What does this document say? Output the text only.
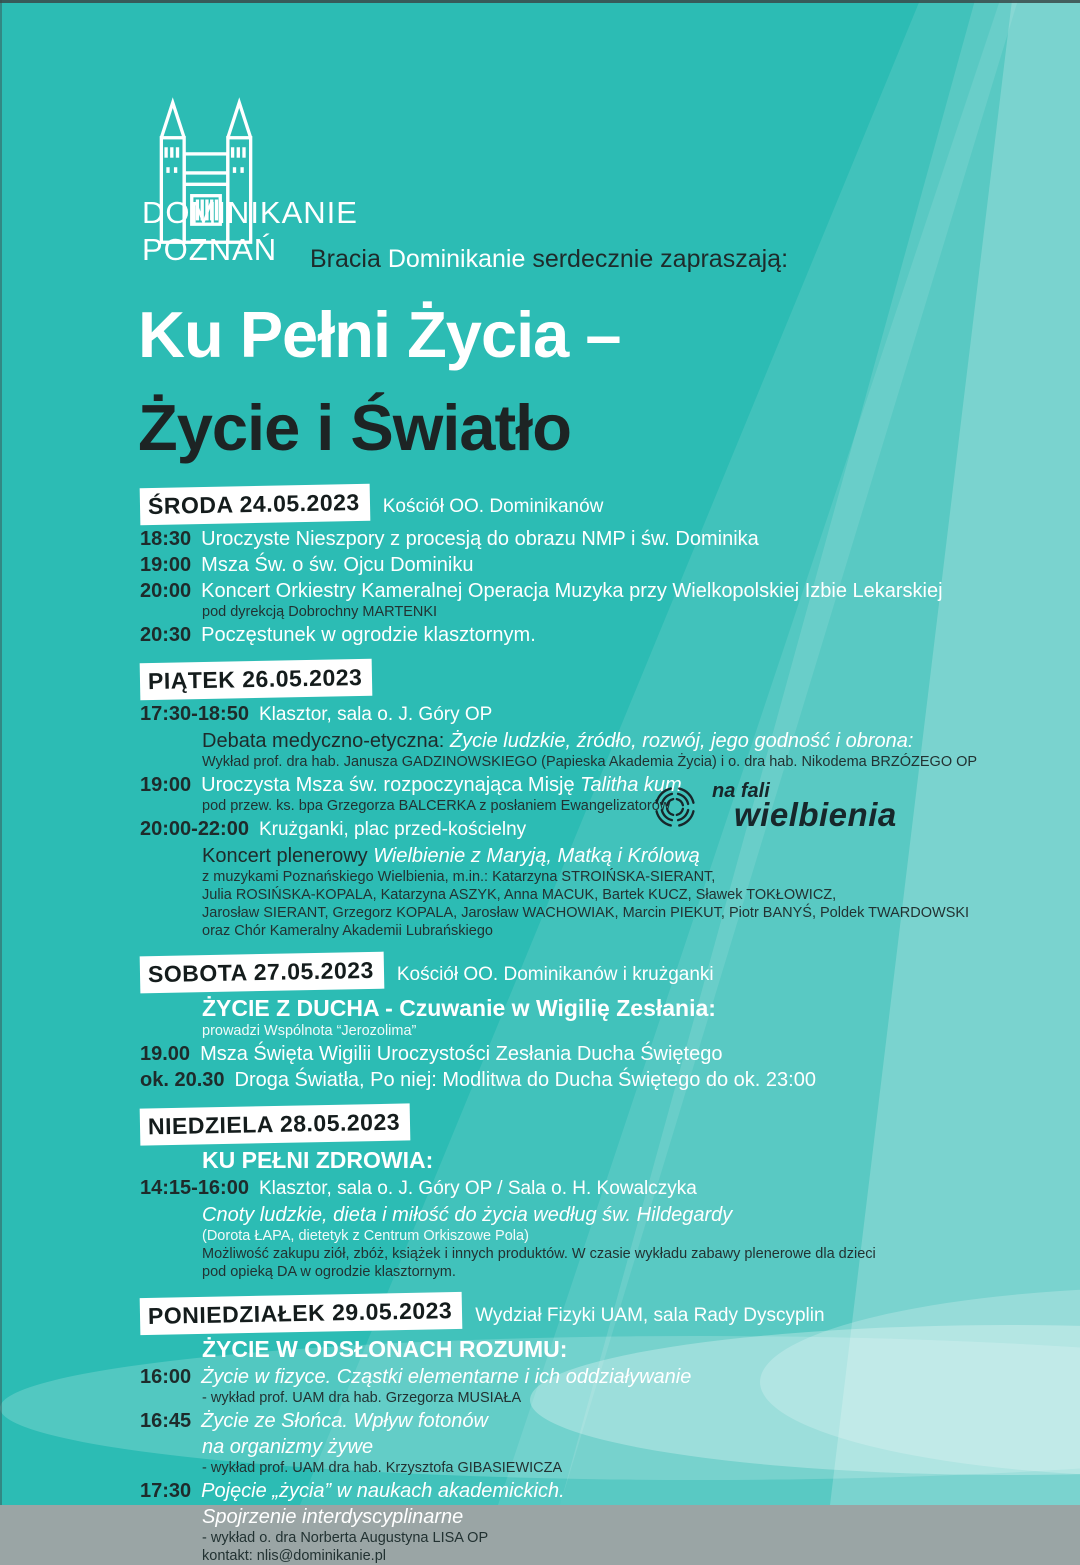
DOMINIKANIE
POZNAŃ	Bracia Dominikanie serdecznie zapraszają:
Ku Pełni Życia –
Życie i Światło
ŚRODA 24.05.2023 Kościół OO. Dominikanów
18:30 Uroczyste Nieszpory z procesją do obrazu NMP i św. Dominika
19:00 Msza Św. o św. Ojcu Dominiku
20:00 Koncert Orkiestry Kameralnej Operacja Muzyka przy Wielkopolskiej Izbie Lekarskiej
pod dyrekcją Dobrochny MARTENKI
20:30 Poczęstunek w ogrodzie klasztornym.
PIĄTEK 26.05.2023
17:30-18:50 Klasztor, sala o. J. Góry OP
Debata medyczno-etyczna: Życie ludzkie, źródło, rozwój, jego godność i obrona:
Wykład prof. dra hab. Janusza GADZINOWSKIEGO (Papieska Akademia Życia) i o. dra hab. Nikodema BRZÓZEGO OP
19:00 Uroczysta Msza św. rozpoczynająca Misję Talitha kum
pod przew. ks. bpa Grzegorza BALCERKA z posłaniem Ewangelizatorów
20:00-22:00 Krużganki, plac przed-kościelny
Koncert plenerowy Wielbienie z Maryją, Matką i Królową
z muzykami Poznańskiego Wielbienia, m.in.: Katarzyna STROIŃSKA-SIERANT,
Julia ROSIŃSKA-KOPALA, Katarzyna ASZYK, Anna MACUK, Bartek KUCZ, Sławek TOKŁOWICZ,
Jarosław SIERANT, Grzegorz KOPALA, Jarosław WACHOWIAK, Marcin PIEKUT, Piotr BANYŚ, Poldek TWARDOWSKI
oraz Chór Kameralny Akademii Lubrańskiego
SOBOTA 27.05.2023 Kościół OO. Dominikanów i krużganki
ŻYCIE Z DUCHA - Czuwanie w Wigilię Zesłania:
prowadzi Wspólnota “Jerozolima”
19.00 Msza Święta Wigilii Uroczystości Zesłania Ducha Świętego
ok. 20.30 Droga Światła, Po niej: Modlitwa do Ducha Świętego do ok. 23:00
NIEDZIELA 28.05.2023
KU PEŁNI ZDROWIA:
14:15-16:00 Klasztor, sala o. J. Góry OP / Sala o. H. Kowalczyka
Cnoty ludzkie, dieta i miłość do życia według św. Hildegardy
(Dorota ŁAPA, dietetyk z Centrum Orkiszowe Pola)
Możliwość zakupu ziół, zbóż, książek i innych produktów. W czasie wykładu zabawy plenerowe dla dzieci
pod opieką DA w ogrodzie klasztornym.
PONIEDZIAŁEK 29.05.2023 Wydział Fizyki UAM, sala Rady Dyscyplin
ŻYCIE W ODSŁONACH ROZUMU:
16:00 Życie w fizyce. Cząstki elementarne i ich oddziaływanie
- wykład prof. UAM dra hab. Grzegorza MUSIAŁA
16:45 Życie ze Słońca. Wpływ fotonów
na organizmy żywe
- wykład prof. UAM dra hab. Krzysztofa GIBASIEWICZA
17:30 Pojęcie „życia” w naukach akademickich.
Spojrzenie interdyscyplinarne
- wykład o. dra Norberta Augustyna LISA OP
kontakt: nlis@dominikanie.pl
na fali
wielbienia
